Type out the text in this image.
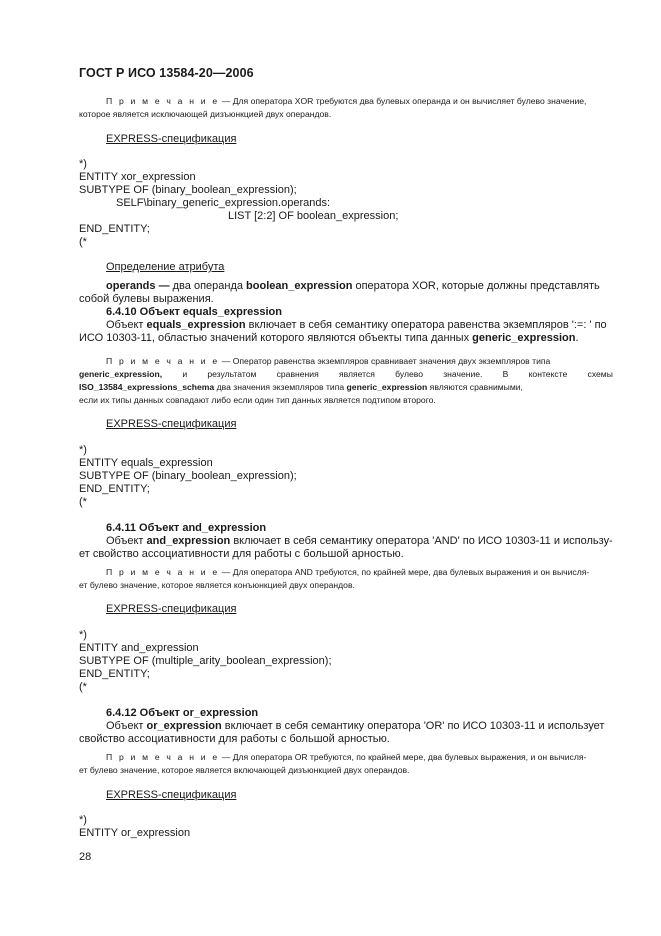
ГОСТ Р ИСО 13584-20—2006
П р и м е ч а н и е — Для оператора XOR требуются два булевых операнда и он вычисляет булево значение,
которое является исключающей дизъюнкцией двух операндов.
EXPRESS-спецификация
*)
ENTITY xor_expression
SUBTYPE OF (binary_boolean_expression);
SELF\binary_generic_expression.operands:
LIST [2:2] OF boolean_expression;
END_ENTITY;
(*
Определение атрибута
operands — два операнда boolean_expression оператора XOR, которые должны представлять
собой булевы выражения.
6.4.10 Объект equals_expression
Объект equals_expression включает в себя семантику оператора равенства экземпляров ':=: ' по
ИСО 10303-11, областью значений которого являются объекты типа данных generic_expression.
П р и м е ч а н и е — Оператор равенства экземпляров сравнивает значения двух экземпляров типа
generic_expression, и результатом сравнения является булево значение. В контексте схемы
ISO_13584_expressions_schema два значения экземпляров типа generic_expression являются сравнимыми,
если их типы данных совпадают либо если один тип данных является подтипом второго.
EXPRESS-спецификация
*)
ENTITY equals_expression
SUBTYPE OF (binary_boolean_expression);
END_ENTITY;
(*
6.4.11 Объект and_expression
Объект and_expression включает в себя семантику оператора 'AND' по ИСО 10303-11 и использу-
ет свойство ассоциативности для работы с большой арностью.
П р и м е ч а н и е — Для оператора AND требуются, по крайней мере, два булевых выражения и он вычисля-
ет булево значение, которое является конъюнкцией двух операндов.
EXPRESS-спецификация
*)
ENTITY and_expression
SUBTYPE OF (multiple_arity_boolean_expression);
END_ENTITY;
(*
6.4.12 Объект or_expression
Объект or_expression включает в себя семантику оператора 'OR' по ИСО 10303-11 и использует
свойство ассоциативности для работы с большой арностью.
П р и м е ч а н и е — Для оператора OR требуются, по крайней мере, два булевых выражения, и он вычисля-
ет булево значение, которое является включающей дизъюнкцией двух операндов.
EXPRESS-спецификация
*)
ENTITY or_expression
28
